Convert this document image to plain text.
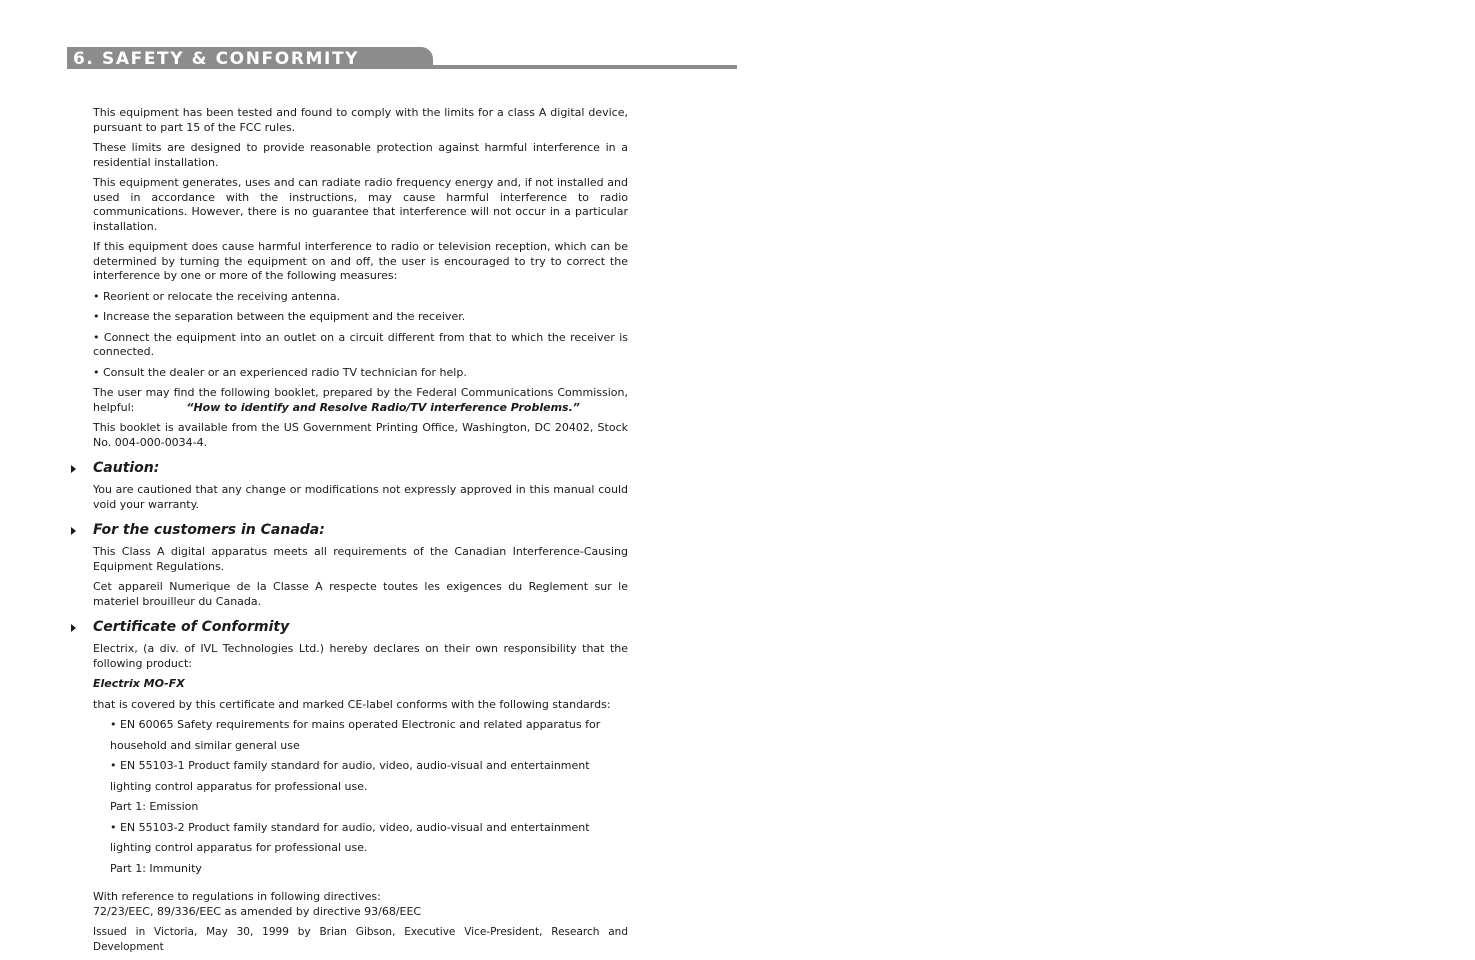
6. SAFETY & CONFORMITY

This equipment has been tested and found to comply with the limits for a class A digital device, pursuant to part 15 of the FCC rules.

These limits are designed to provide reasonable protection against harmful interference in a residential installation.

This equipment generates, uses and can radiate radio frequency energy and, if not installed and used in accordance with the instructions, may cause harmful interference to radio communications. However, there is no guarantee that interference will not occur in a particular installation.

If this equipment does cause harmful interference to radio or television reception, which can be determined by turning the equipment on and off, the user is encouraged to try to correct the interference by one or more of the following measures:

• Reorient or relocate the receiving antenna.

• Increase the separation between the equipment and the receiver.

• Connect the equipment into an outlet on a circuit different from that to which the receiver is connected.

• Consult the dealer or an experienced radio TV technician for help.

The user may find the following booklet, prepared by the Federal Communications Commission, helpful:	“How to identify and Resolve Radio/TV interference Problems.”

This booklet is available from the US Government Printing Office, Washington, DC 20402, Stock No. 004-000-0034-4.

Caution:

You are cautioned that any change or modifications not expressly approved in this manual could void your warranty.

For the customers in Canada:

This Class A digital apparatus meets all requirements of the Canadian Interference-Causing Equipment Regulations.

Cet appareil Numerique de la Classe A respecte toutes les exigences du Reglement sur le materiel brouilleur du Canada.

Certificate of Conformity

Electrix, (a div. of IVL Technologies Ltd.) hereby declares on their own responsibility that the following product:

Electrix MO-FX

that is covered by this certificate and marked CE-label conforms with the following standards:

• EN 60065 Safety requirements for mains operated Electronic and related apparatus for

household and similar general use

• EN 55103-1 Product family standard for audio, video, audio-visual and entertainment

lighting control apparatus for professional use.

Part 1: Emission

• EN 55103-2 Product family standard for audio, video, audio-visual and entertainment

lighting control apparatus for professional use.

Part 1: Immunity

With reference to regulations in following directives:

72/23/EEC, 89/336/EEC as amended by directive 93/68/EEC

Issued in Victoria, May 30, 1999 by Brian Gibson, Executive Vice-President, Research and Development
